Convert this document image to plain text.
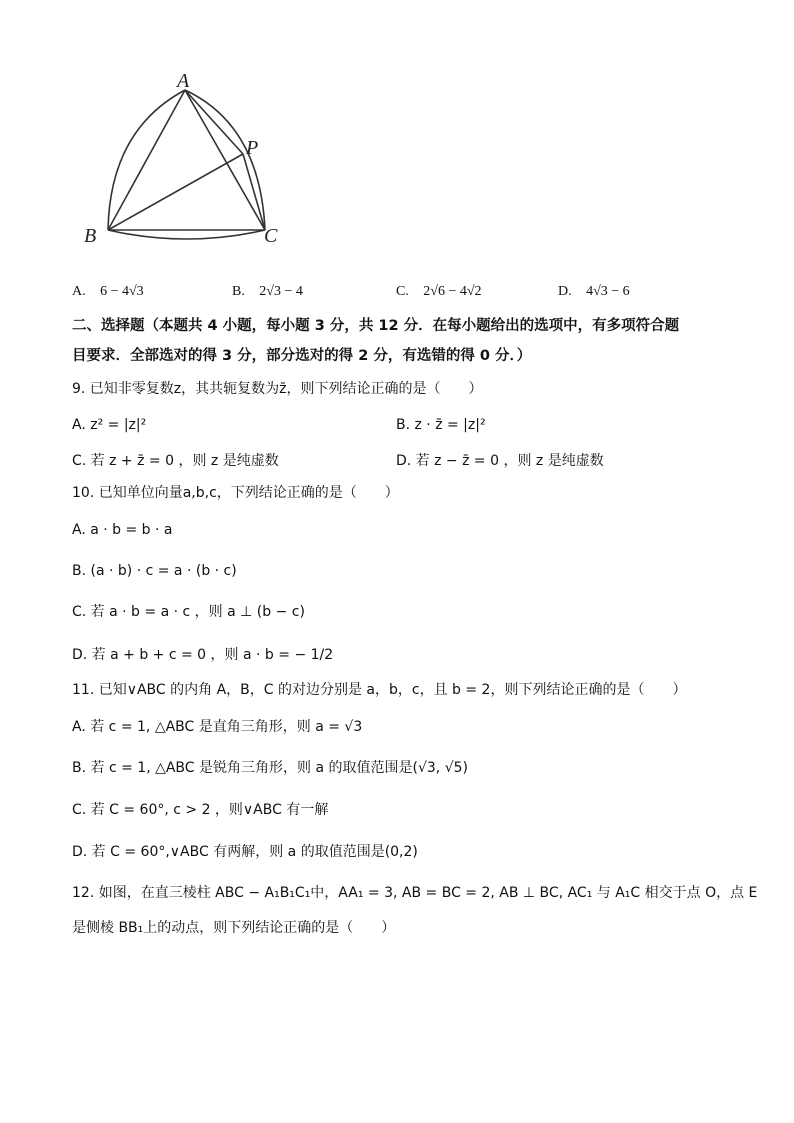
A
B	C
P
A. 6 − 4√3	B. 2√3 − 4	C. 2√6 − 4√2	D. 4√3 − 6
二、选择题（本题共 4 小题，每小题 3 分，共 12 分．在每小题给出的选项中，有多项符合题
目要求．全部选对的得 3 分，部分选对的得 2 分，有选错的得 0 分．）
9. 已知非零复数z，其共轭复数为z̄，则下列结论正确的是（　　）
A. z² = |z|²	B. z · z̄ = |z|²
C. 若 z + z̄ = 0 ，则 z 是纯虚数	D. 若 z − z̄ = 0 ，则 z 是纯虚数
10. 已知单位向量a,b,c，下列结论正确的是（　　）
A. a · b = b · a
B. (a · b) · c = a · (b · c)
C. 若 a · b = a · c ，则 a ⊥ (b − c)
D. 若 a + b + c = 0 ，则 a · b = − 1/2
11. 已知∨ABC 的内角 A，B，C 的对边分别是 a，b，c，且 b = 2，则下列结论正确的是（　　）
A. 若 c = 1, △ABC 是直角三角形，则 a = √3
B. 若 c = 1, △ABC 是锐角三角形，则 a 的取值范围是(√3, √5)
C. 若 C = 60°, c > 2 ，则∨ABC 有一解
D. 若 C = 60°,∨ABC 有两解，则 a 的取值范围是(0,2)
12. 如图，在直三棱柱 ABC − A₁B₁C₁中，AA₁ = 3, AB = BC = 2, AB ⊥ BC, AC₁ 与 A₁C 相交于点 O，点 E
是侧棱 BB₁上的动点，则下列结论正确的是（　　）
